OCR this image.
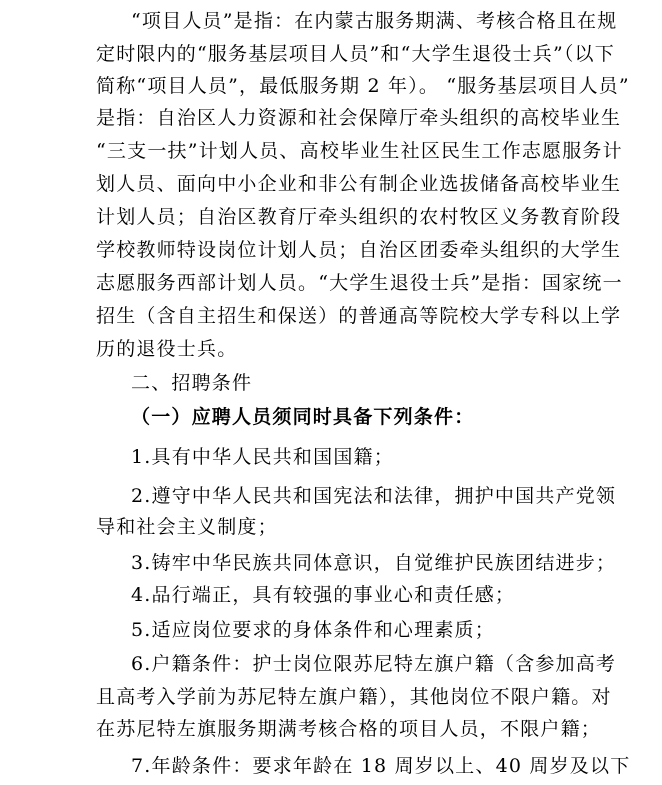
“项目人员”是指：在内蒙古服务期满、考核合格且在规
定时限内的“服务基层项目人员”和“大学生退役士兵”（以下
简称“项目人员”，最低服务期 2 年）。 “服务基层项目人员”
是指：自治区人力资源和社会保障厅牵头组织的高校毕业生
“三支一扶”计划人员、高校毕业生社区民生工作志愿服务计
划人员、面向中小企业和非公有制企业选拔储备高校毕业生
计划人员；自治区教育厅牵头组织的农村牧区义务教育阶段
学校教师特设岗位计划人员；自治区团委牵头组织的大学生
志愿服务西部计划人员。“大学生退役士兵”是指：国家统一
招生（含自主招生和保送）的普通高等院校大学专科以上学
历的退役士兵。
二、招聘条件
（一）应聘人员须同时具备下列条件：
1.具有中华人民共和国国籍；
2.遵守中华人民共和国宪法和法律，拥护中国共产党领
导和社会主义制度；
3.铸牢中华民族共同体意识，自觉维护民族团结进步；
4.品行端正，具有较强的事业心和责任感；
5.适应岗位要求的身体条件和心理素质；
6.户籍条件：护士岗位限苏尼特左旗户籍（含参加高考
且高考入学前为苏尼特左旗户籍），其他岗位不限户籍。对
在苏尼特左旗服务期满考核合格的项目人员，不限户籍；
7.年龄条件：要求年龄在 18 周岁以上、40 周岁及以下
